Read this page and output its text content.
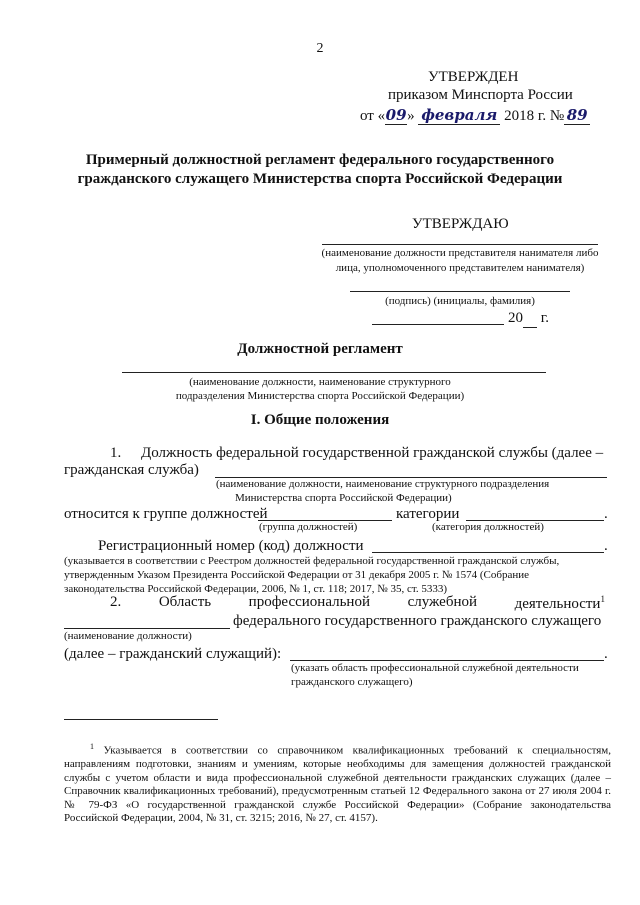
2
УТВЕРЖДЕН
приказом Минспорта России
от «09» февраля 2018 г. № 89
Примерный должностной регламент федерального государственного
гражданского служащего Министерства спорта Российской Федерации
УТВЕРЖДАЮ
(наименование должности представителя нанимателя либо
лица, уполномоченного представителем нанимателя)
(подпись) (инициалы, фамилия)
20 г.
Должностной регламент
(наименование должности, наименование структурного
подразделения Министерства спорта Российской Федерации)
I. Общие положения
1. Должность федеральной государственной гражданской службы (далее –
гражданская служба)
(наименование должности, наименование структурного подразделения
Министерства спорта Российской Федерации)
относится к группе должностей	категории	.
(группа должностей)	(категория должностей)
Регистрационный номер (код) должности	.
(указывается в соответствии с Реестром должностей федеральной государственной гражданской службы,
утвержденным Указом Президента Российской Федерации от 31 декабря 2005 г. № 1574 (Собрание
законодательства Российской Федерации, 2006, № 1, ст. 118; 2017, № 35, ст. 5333)
2.	Область	профессиональной	служебной	деятельности$^1$
федерального государственного гражданского служащего
(наименование должности)
(далее – гражданский служащий):	.
(указать область профессиональной служебной деятельности
гражданского служащего)
$^1$ Указывается в соответствии со справочником квалификационных требований к специальностям, направлениям подготовки, знаниям и умениям, которые необходимы для замещения должностей гражданской службы с учетом области и вида профессиональной служебной деятельности гражданских служащих (далее – Справочник квалификационных требований), предусмотренным статьей 12 Федерального закона от 27 июля 2004 г. № 79-ФЗ «О государственной гражданской службе Российской Федерации» (Собрание законодательства Российской Федерации, 2004, № 31, ст. 3215; 2016, № 27, ст. 4157).
